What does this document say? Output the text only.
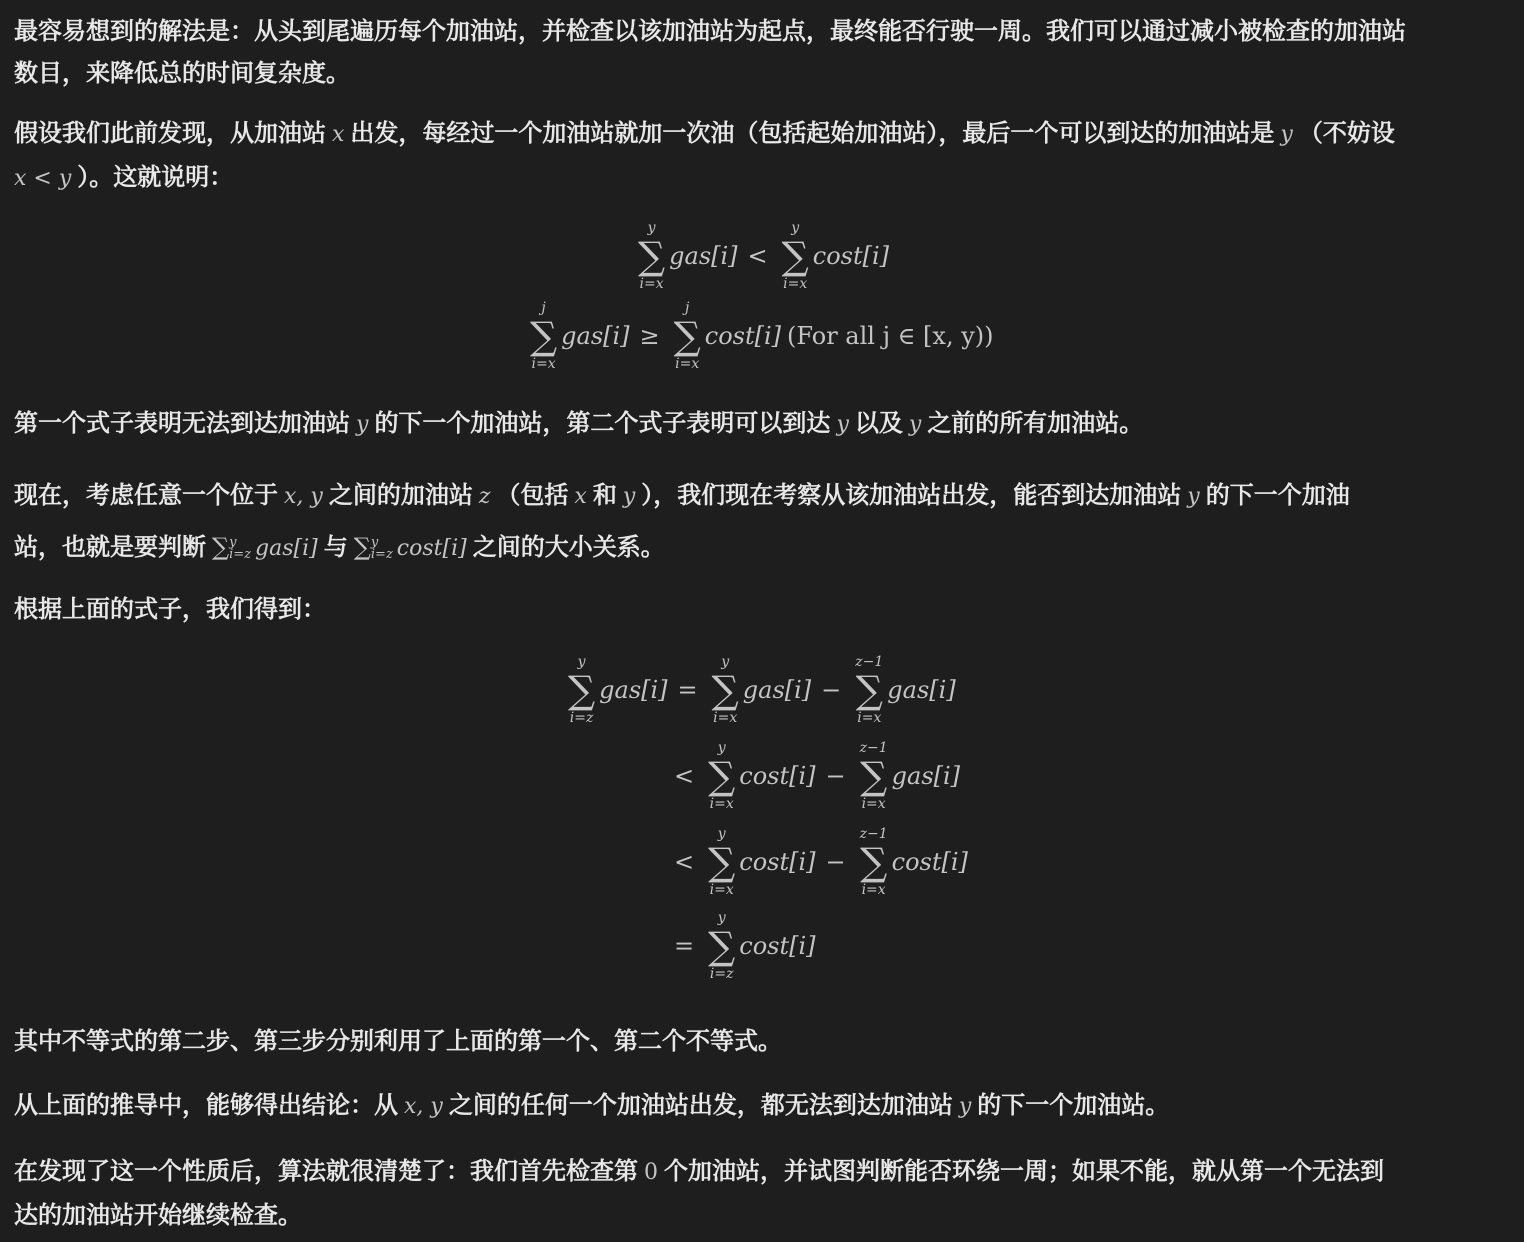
最容易想到的解法是：从头到尾遍历每个加油站，并检查以该加油站为起点，最终能否行驶一周。我们可以通过减小被检查的加油站
数目，来降低总的时间复杂度。

假设我们此前发现，从加油站 x 出发，每经过一个加油站就加一次油（包括起始加油站），最后一个可以到达的加油站是 y （不妨设
x < y ）。这就说明：

y
∑
i=x
gas[i] <
y
∑
i=x
cost[i]
j
∑
i=x
gas[i] ≥
j
∑
i=x
cost[i] (For all j ∈ [x, y))

第一个式子表明无法到达加油站 y 的下一个加油站，第二个式子表明可以到达 y 以及 y 之前的所有加油站。

现在，考虑任意一个位于 x, y 之间的加油站 z （包括 x 和 y ），我们现在考察从该加油站出发，能否到达加油站 y 的下一个加油
站，也就是要判断 ∑ y
i=z gas[i] 与 ∑ y
i=z cost[i] 之间的大小关系。

根据上面的式子，我们得到：

y
∑
i=z
gas[i] =
y
∑
i=x
gas[i] −
z−1
∑
i=x
gas[i]
<
y
∑
i=x
cost[i] −
z−1
∑
i=x
gas[i]
<
y
∑
i=x
cost[i] −
z−1
∑
i=x
cost[i]
=
y
∑
i=z
cost[i]

其中不等式的第二步、第三步分别利用了上面的第一个、第二个不等式。

从上面的推导中，能够得出结论：从 x, y 之间的任何一个加油站出发，都无法到达加油站 y 的下一个加油站。

在发现了这一个性质后，算法就很清楚了：我们首先检查第 0 个加油站，并试图判断能否环绕一周；如果不能，就从第一个无法到
达的加油站开始继续检查。
